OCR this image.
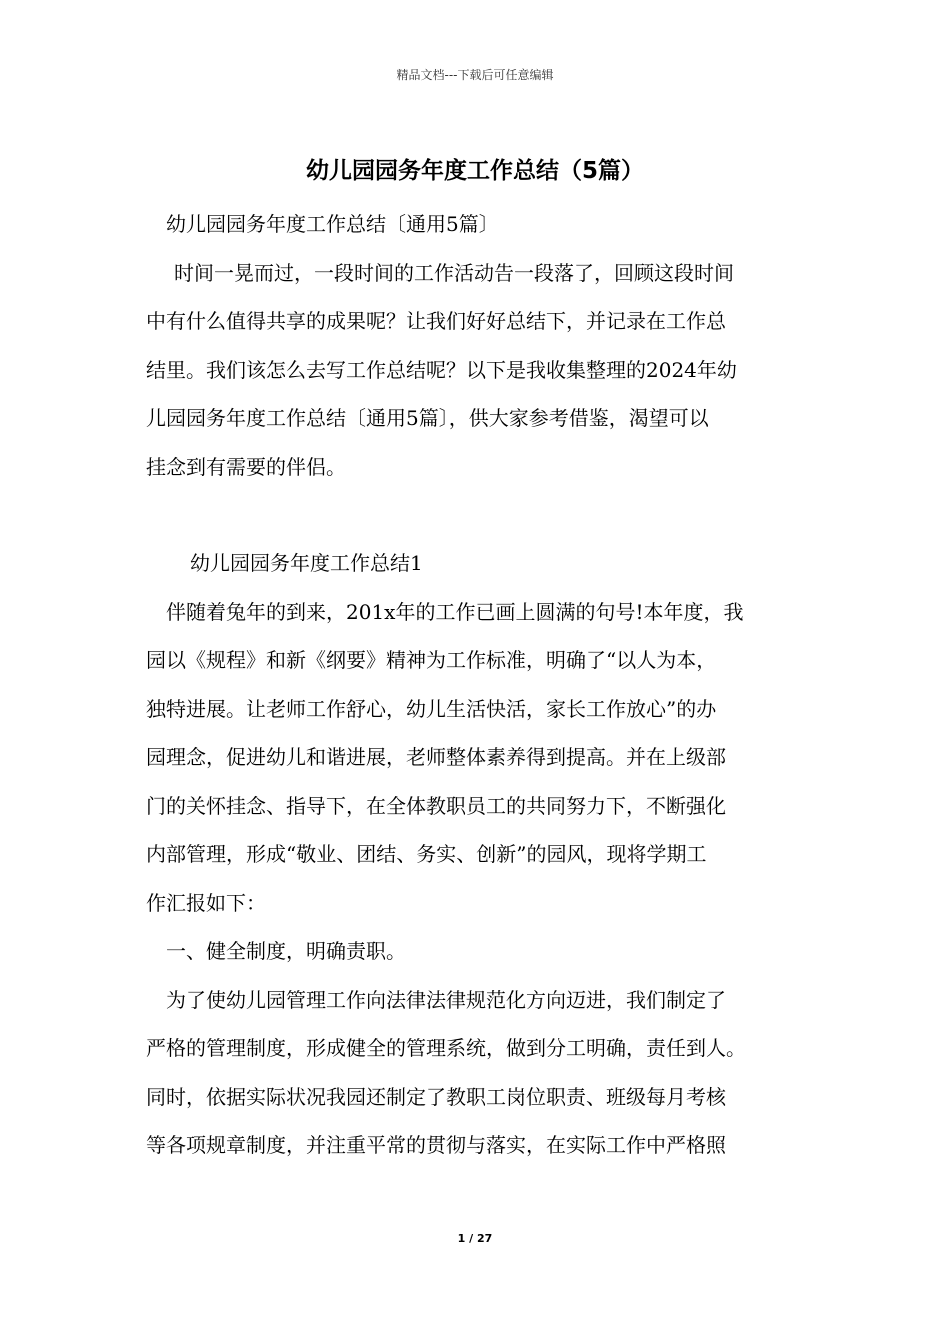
精品文档---下载后可任意编辑
幼儿园园务年度工作总结（5篇）
幼儿园园务年度工作总结〔通用5篇〕
时间一晃而过，一段时间的工作活动告一段落了，回顾这段时间
中有什么值得共享的成果呢？让我们好好总结下，并记录在工作总
结里。我们该怎么去写工作总结呢？以下是我收集整理的2024年幼
儿园园务年度工作总结〔通用5篇〕，供大家参考借鉴，渴望可以
挂念到有需要的伴侣。
幼儿园园务年度工作总结1
伴随着兔年的到来，201x年的工作已画上圆满的句号!本年度，我
园以《规程》和新《纲要》精神为工作标准，明确了“以人为本，
独特进展。让老师工作舒心，幼儿生活快活，家长工作放心”的办
园理念，促进幼儿和谐进展，老师整体素养得到提高。并在上级部
门的关怀挂念、指导下，在全体教职员工的共同努力下，不断强化
内部管理，形成“敬业、团结、务实、创新”的园风，现将学期工
作汇报如下：
一、健全制度，明确责职。
为了使幼儿园管理工作向法律法律规范化方向迈进，我们制定了
严格的管理制度，形成健全的管理系统，做到分工明确，责任到人。
同时，依据实际状况我园还制定了教职工岗位职责、班级每月考核
等各项规章制度，并注重平常的贯彻与落实，在实际工作中严格照
1 / 27
